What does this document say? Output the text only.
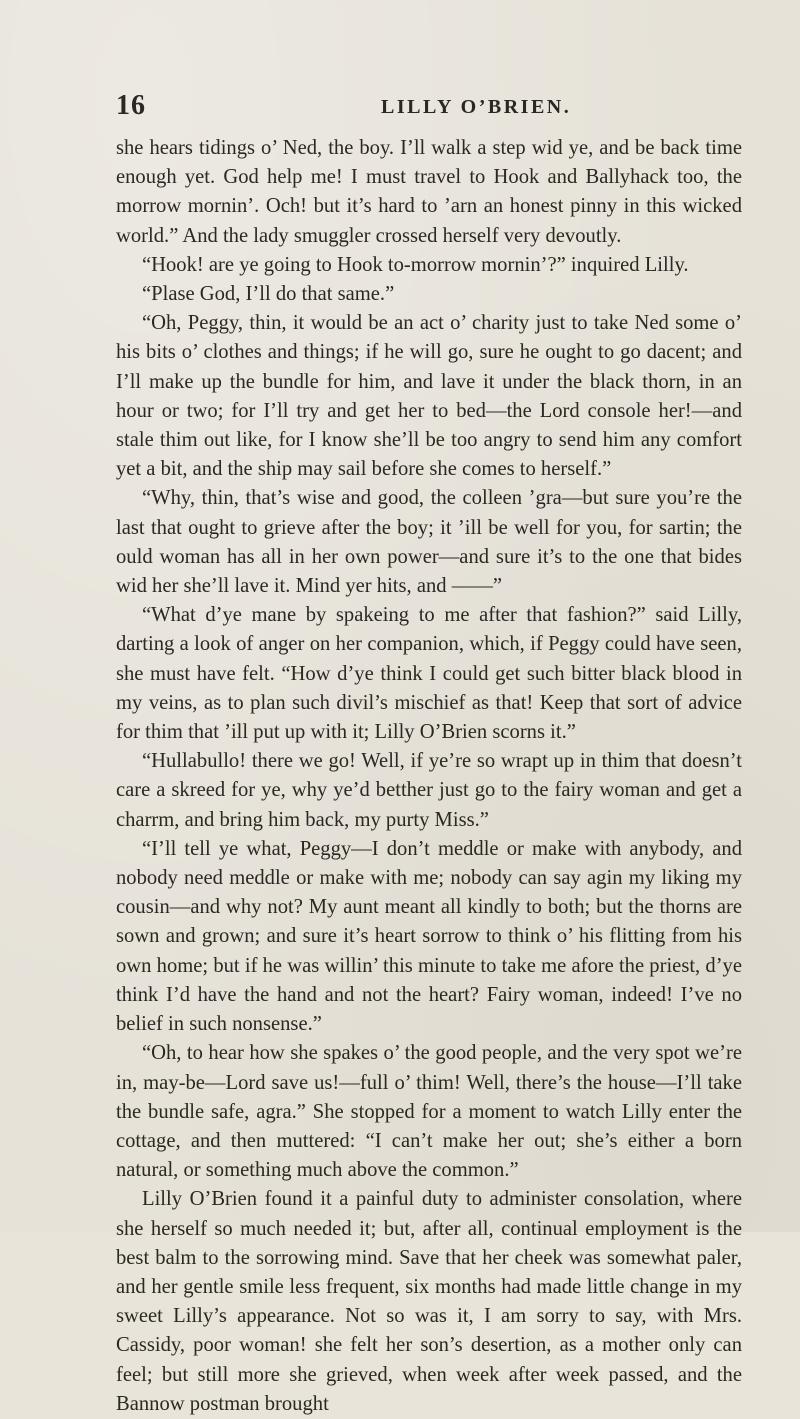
16	LILLY O’BRIEN.

she hears tidings o’ Ned, the boy. I’ll walk a step wid ye, and be back time enough yet. God help me! I must travel to Hook and Ballyhack too, the morrow mornin’. Och! but it’s hard to ’arn an honest pinny in this wicked world.” And the lady smuggler crossed herself very devoutly.

“Hook! are ye going to Hook to-morrow mornin’?” inquired Lilly.

“Plase God, I’ll do that same.”

“Oh, Peggy, thin, it would be an act o’ charity just to take Ned some o’ his bits o’ clothes and things; if he will go, sure he ought to go dacent; and I’ll make up the bundle for him, and lave it under the black thorn, in an hour or two; for I’ll try and get her to bed—the Lord console her!—and stale thim out like, for I know she’ll be too angry to send him any comfort yet a bit, and the ship may sail before she comes to herself.”

“Why, thin, that’s wise and good, the colleen ’gra—but sure you’re the last that ought to grieve after the boy; it ’ill be well for you, for sartin; the ould woman has all in her own power—and sure it’s to the one that bides wid her she’ll lave it. Mind yer hits, and ——”

“What d’ye mane by spakeing to me after that fashion?” said Lilly, darting a look of anger on her companion, which, if Peggy could have seen, she must have felt. “How d’ye think I could get such bitter black blood in my veins, as to plan such divil’s mischief as that! Keep that sort of advice for thim that ’ill put up with it; Lilly O’Brien scorns it.”

“Hullabullo! there we go! Well, if ye’re so wrapt up in thim that doesn’t care a skreed for ye, why ye’d betther just go to the fairy woman and get a charrm, and bring him back, my purty Miss.”

“I’ll tell ye what, Peggy—I don’t meddle or make with anybody, and nobody need meddle or make with me; nobody can say agin my liking my cousin—and why not? My aunt meant all kindly to both; but the thorns are sown and grown; and sure it’s heart sorrow to think o’ his flitting from his own home; but if he was willin’ this minute to take me afore the priest, d’ye think I’d have the hand and not the heart? Fairy woman, indeed! I’ve no belief in such nonsense.”

“Oh, to hear how she spakes o’ the good people, and the very spot we’re in, may-be—Lord save us!—full o’ thim! Well, there’s the house—I’ll take the bundle safe, agra.” She stopped for a moment to watch Lilly enter the cottage, and then muttered: “I can’t make her out; she’s either a born natural, or something much above the common.”

Lilly O’Brien found it a painful duty to administer consolation, where she herself so much needed it; but, after all, continual employment is the best balm to the sorrowing mind. Save that her cheek was somewhat paler, and her gentle smile less frequent, six months had made little change in my sweet Lilly’s appearance. Not so was it, I am sorry to say, with Mrs. Cassidy, poor woman! she felt her son’s desertion, as a mother only can feel; but still more she grieved, when week after week passed, and the Bannow postman brought
